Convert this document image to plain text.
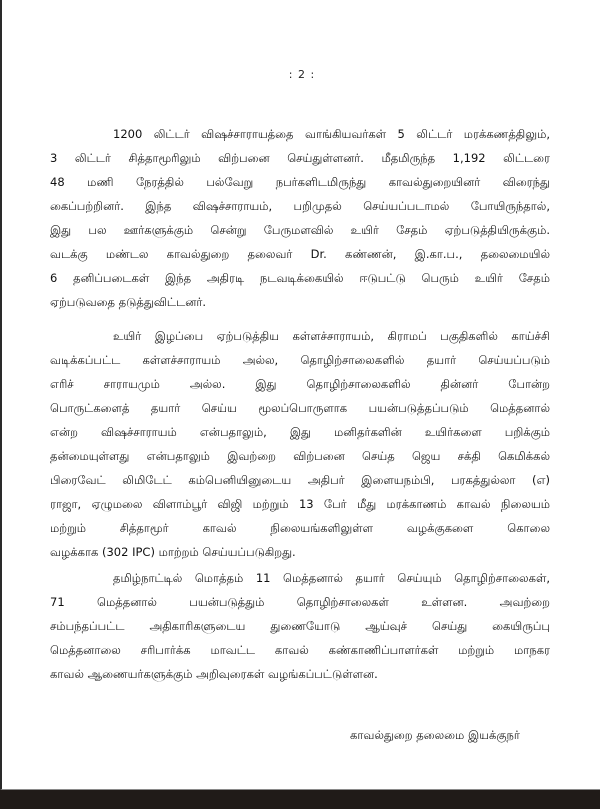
: 2 :
1200 லிட்டர் விஷச்சாராயத்தை வாங்கியவர்கள் 5 லிட்டர் மரக்கணத்திலும்,
3 லிட்டர் சித்தாமூரிலும் விற்பனை செய்துள்ளனர். மீதமிருந்த 1,192 லிட்டரை
48 மணி நேரத்தில் பல்வேறு நபர்களிடமிருந்து காவல்துறையினர் விரைந்து
கைப்பற்றினர். இந்த விஷச்சாராயம், பறிமுதல் செய்யப்படாமல் போயிருந்தால்,
இது பல ஊர்களுக்கும் சென்று பேருமளவில் உயிர் சேதம் ஏற்படுத்தியிருக்கும்.
வடக்கு மண்டல காவல்துறை தலைவர் Dr. கண்ணன், இ.கா.ப., தலைமையில்
6 தனிப்படைகள் இந்த அதிரடி நடவடிக்கையில் ஈடுபட்டு பெரும் உயிர் சேதம்
ஏற்படுவதை தடுத்துவிட்டனர்.
உயிர் இழப்பை ஏற்படுத்திய கள்ளச்சாராயம், கிராமப் பகுதிகளில் காய்ச்சி
வடிக்கப்பட்ட கள்ளச்சாராயம் அல்ல, தொழிற்சாலைகளில் தயார் செய்யப்படும்
எரிச் சாராயமும் அல்ல. இது தொழிற்சாலைகளில் தின்னர் போன்ற
பொருட்களைத் தயார் செய்ய மூலப்பொருளாக பயன்படுத்தப்படும் மெத்தனால்
என்ற விஷச்சாராயம் என்பதாலும், இது மனிதர்களின் உயிர்களை பறிக்கும்
தன்மையுள்ளது என்பதாலும் இவற்றை விற்பனை செய்த ஜெய சக்தி கெமிக்கல்
பிரைவேட் லிமிடேட் கம்பெனியினுடைய அதிபர் இளையநம்பி, பரகத்துல்லா (எ)
ராஜா, ஏழுமலை விளாம்பூர் விஜி மற்றும் 13 பேர் மீது மரக்காணம் காவல் நிலையம்
மற்றும் சித்தாமூர் காவல் நிலையங்களிலுள்ள வழக்குகளை கொலை
வழக்காக (302 IPC) மாற்றம் செய்யப்படுகிறது.
தமிழ்நாட்டில் மொத்தம் 11 மெத்தனால் தயார் செய்யும் தொழிற்சாலைகள்,
71 மெத்தனால் பயன்படுத்தும் தொழிற்சாலைகள் உள்ளன. அவற்றை
சம்பந்தப்பட்ட அதிகாரிகளுடைய துணையோடு ஆய்வுச் செய்து கையிருப்பு
மெத்தனாலை சரிபார்க்க மாவட்ட காவல் கண்காணிப்பாளர்கள் மற்றும் மாநகர
காவல் ஆணையர்களுக்கும் அறிவுரைகள் வழங்கப்பட்டுள்ளன.
காவல்துறை தலைமை இயக்குநர்
